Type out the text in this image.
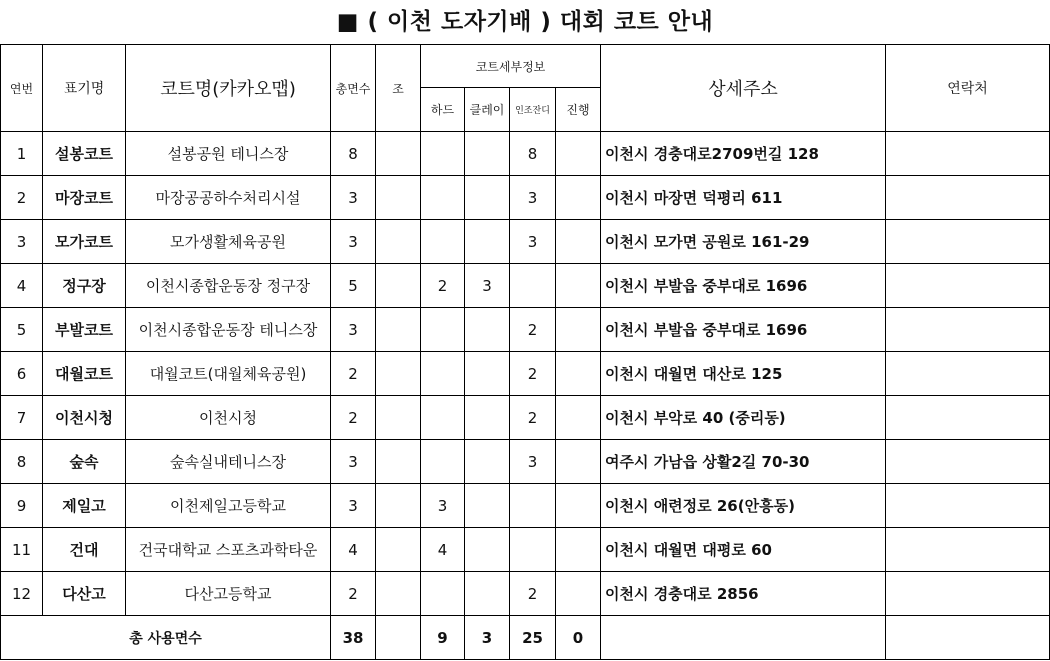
■ ( 이천 도자기배 ) 대회 코트 안내
연번	표기명	코트명(카카오맵)	총면수	조	코트세부정보				상세주소	연락처
					하드	클레이	인조잔디	진행		
1	설봉코트	설봉공원 테니스장	8				8		이천시 경충대로2709번길 128	
2	마장코트	마장공공하수처리시설	3				3		이천시 마장면 덕평리 611	
3	모가코트	모가생활체육공원	3				3		이천시 모가면 공원로 161-29	
4	정구장	이천시종합운동장 정구장	5		2	3			이천시 부발읍 중부대로 1696	
5	부발코트	이천시종합운동장 테니스장	3				2		이천시 부발읍 중부대로 1696	
6	대월코트	대월코트(대월체육공원)	2				2		이천시 대월면 대산로 125	
7	이천시청	이천시청	2				2		이천시 부악로 40 (중리동)	
8	숲속	숲속실내테니스장	3				3		여주시 가남읍 상활2길 70-30	
9	제일고	이천제일고등학교	3		3				이천시 애련정로 26(안흥동)	
11	건대	건국대학교 스포츠과학타운	4		4				이천시 대월면 대평로 60	
12	다산고	다산고등학교	2				2		이천시 경충대로 2856	
총 사용면수			38		9	3	25	0		
